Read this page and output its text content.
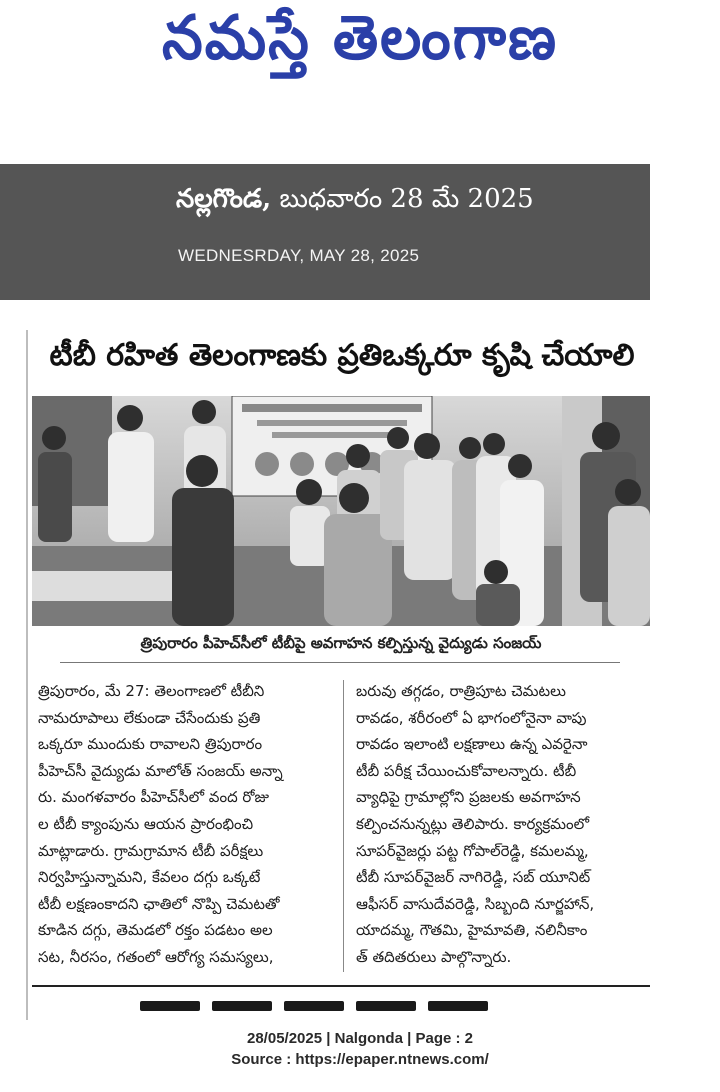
నమస్తే తెలంగాణ
నల్లగొండ, బుధవారం 28 మే 2025
WEDNESRDAY, MAY 28, 2025
టీబీ రహిత తెలంగాణకు ప్రతిఒక్కరూ కృషి చేయాలి
త్రిపురారం పీహెచ్‌సీలో టీబీపై అవగాహన కల్పిస్తున్న వైద్యుడు సంజయ్
త్రిపురారం, మే 27: తెలంగాణలో టీబీని
నామరూపాలు లేకుండా చేసేందుకు ప్రతి
ఒక్కరూ ముందుకు రావాలని త్రిపురారం
పీహెచ్‌సీ వైద్యుడు మాలోత్ సంజయ్ అన్నా
రు. మంగళవారం పీహెచ్‌సీలో వంద రోజు
ల టీబీ క్యాంపును ఆయన ప్రారంభించి
మాట్లాడారు. గ్రామగ్రామాన టీబీ పరీక్షలు
నిర్వహిస్తున్నామని, కేవలం దగ్గు ఒక్కటే
టీబీ లక్షణంకాదని ఛాతిలో నొప్పి చెమటతో
కూడిన దగ్గు, తెమడలో రక్తం పడటం అల
సట, నీరసం, గతంలో ఆరోగ్య సమస్యలు,
బరువు తగ్గడం, రాత్రిపూట చెమటలు
రావడం, శరీరంలో ఏ భాగంలోనైనా వాపు
రావడం ఇలాంటి లక్షణాలు ఉన్న ఎవరైనా
టీబీ పరీక్ష చేయించుకోవాలన్నారు. టీబీ
వ్యాధిపై గ్రామాల్లోని ప్రజలకు అవగాహన
కల్పించనున్నట్లు తెలిపారు. కార్యక్రమంలో
సూపర్‌వైజర్లు పట్ట గోపాల్‌రెడ్డి, కమలమ్మ,
టీబీ సూపర్‌వైజర్ నాగిరెడ్డి, సబ్ యూనిట్
ఆఫీసర్ వాసుదేవరెడ్డి, సిబ్బంది నూర్జహాన్,
యాదమ్మ, గౌతమి, హైమావతి, నలినీకాం
త్ తదితరులు పాల్గొన్నారు.
28/05/2025 | Nalgonda | Page : 2
Source : https://epaper.ntnews.com/
